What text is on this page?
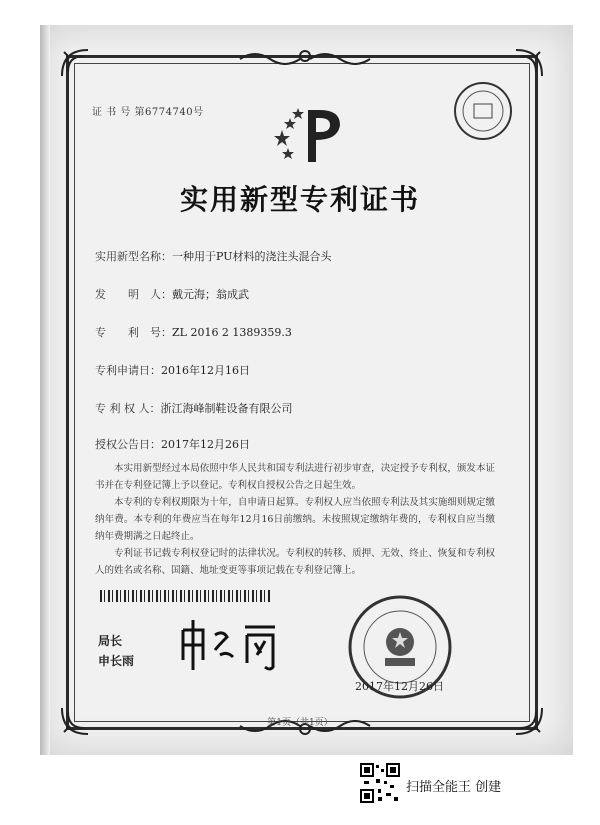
证 书 号 第6774740号
实用新型专利证书
实用新型名称：一种用于PU材料的浇注头混合头
发　　明　人：戴元海；翁成武
专　　利　号：ZL 2016 2 1389359.3
专利申请日：2016年12月16日
专 利 权 人：浙江海峰制鞋设备有限公司
授权公告日：2017年12月26日

本实用新型经过本局依照中华人民共和国专利法进行初步审查，决定授予专利权，颁发本证书并在专利登记簿上予以登记。专利权自授权公告之日起生效。

本专利的专利权期限为十年，自申请日起算。专利权人应当依照专利法及其实施细则规定缴纳年费。本专利的年费应当在每年12月16日前缴纳。未按照规定缴纳年费的，专利权自应当缴纳年费期满之日起终止。

专利证书记载专利权登记时的法律状况。专利权的转移、质押、无效、终止、恢复和专利权人的姓名或名称、国籍、地址变更等事项记载在专利登记簿上。

局长
申长雨
2017年12月26日
第1页（共1页）
扫描全能王 创建
